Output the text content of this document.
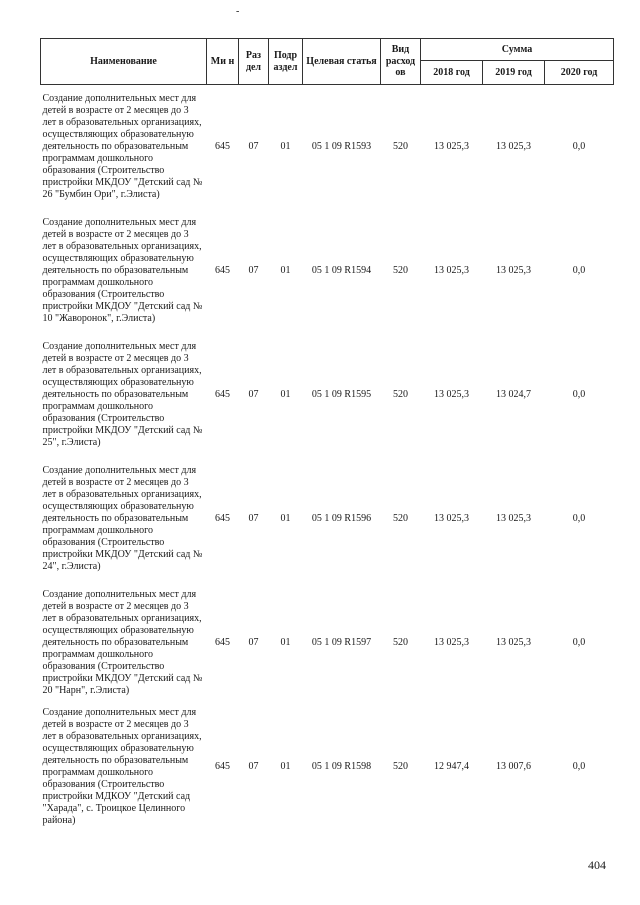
-
Наименование	Ми н	Раз дел	Подр аздел	Целевая статья	Вид расход ов	Сумма		
						2018 год	2019 год	2020 год
Создание дополнительных мест для детей в возрасте от 2 месяцев до 3 лет в образовательных организациях, осуществляющих образовательную деятельность по образовательным программам дошкольного образования (Строительство пристройки МКДОУ "Детский сад № 26 "Бумбин Ори", г.Элиста)	645	07	01	05 1 09 R1593	520	13 025,3	13 025,3	0,0
Создание дополнительных мест для детей в возрасте от 2 месяцев до 3 лет в образовательных организациях, осуществляющих образовательную деятельность по образовательным программам дошкольного образования (Строительство пристройки МКДОУ "Детский сад № 10 "Жаворонок", г.Элиста)	645	07	01	05 1 09 R1594	520	13 025,3	13 025,3	0,0
Создание дополнительных мест для детей в возрасте от 2 месяцев до 3 лет в образовательных организациях, осуществляющих образовательную деятельность по образовательным программам дошкольного образования (Строительство пристройки МКДОУ "Детский сад № 25", г.Элиста)	645	07	01	05 1 09 R1595	520	13 025,3	13 024,7	0,0
Создание дополнительных мест для детей в возрасте от 2 месяцев до 3 лет в образовательных организациях, осуществляющих образовательную деятельность по образовательным программам дошкольного образования (Строительство пристройки МКДОУ "Детский сад № 24", г.Элиста)	645	07	01	05 1 09 R1596	520	13 025,3	13 025,3	0,0
Создание дополнительных мест для детей в возрасте от 2 месяцев до 3 лет в образовательных организациях, осуществляющих образовательную деятельность по образовательным программам дошкольного образования (Строительство пристройки МКДОУ "Детский сад № 20 "Нарн", г.Элиста)	645	07	01	05 1 09 R1597	520	13 025,3	13 025,3	0,0
Создание дополнительных мест для детей в возрасте от 2 месяцев до 3 лет в образовательных организациях, осуществляющих образовательную деятельность по образовательным программам дошкольного образования (Строительство пристройки МДКОУ "Детский сад "Харада", с. Троицкое Целинного района)	645	07	01	05 1 09 R1598	520	12 947,4	13 007,6	0,0
404
